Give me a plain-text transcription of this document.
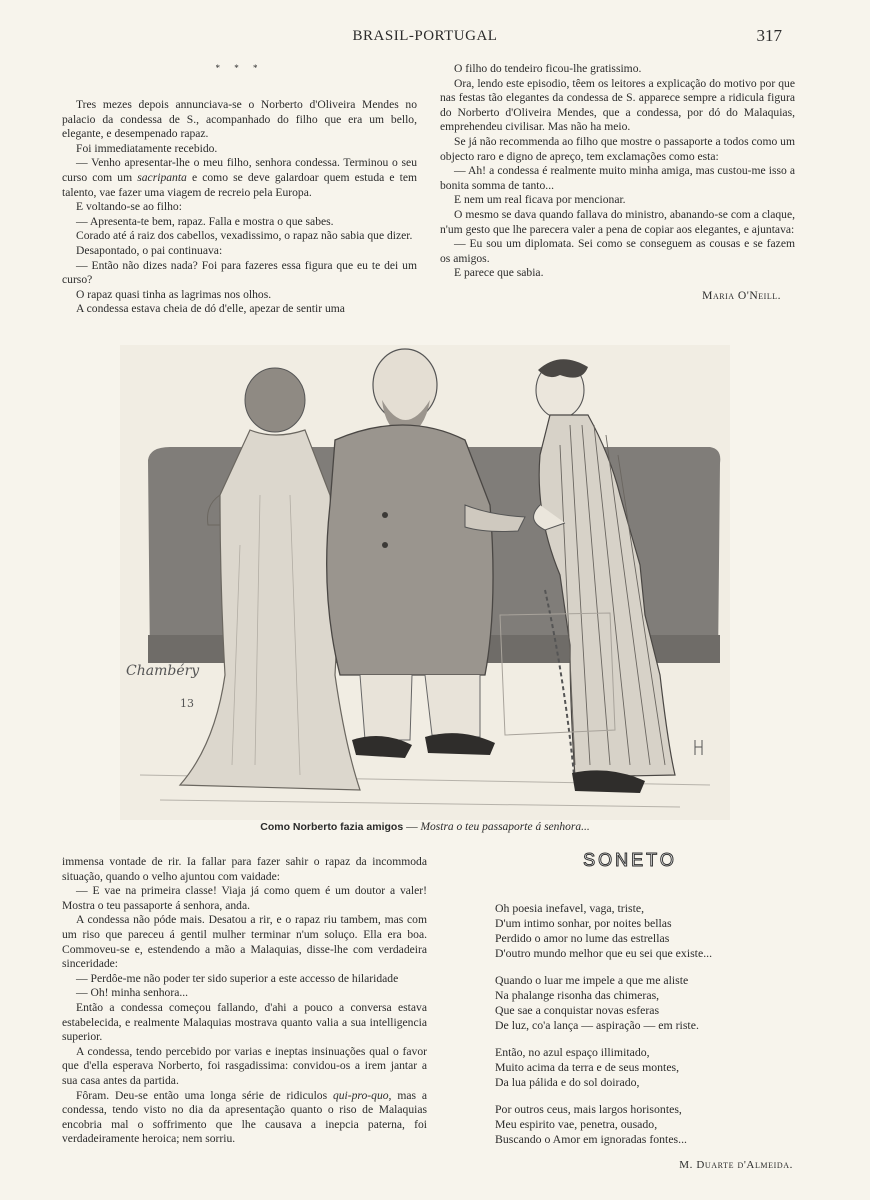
BRASIL-PORTUGAL	317
* * *

Tres mezes depois annunciava-se o Norberto d'Oliveira Mendes no palacio da condessa de S., acompanhado do filho que era um bello, elegante, e desempenado rapaz.

Foi immediatamente recebido.

— Venho apresentar-lhe o meu filho, senhora condessa. Terminou o seu curso com um sacripanta e como se deve galardoar quem estuda e tem talento, vae fazer uma viagem de recreio pela Europa.

E voltando-se ao filho:

— Apresenta-te bem, rapaz. Falla e mostra o que sabes.

Corado até á raiz dos cabellos, vexadissimo, o rapaz não sabia que dizer.

Desapontado, o pai continuava:

— Então não dizes nada? Foi para fazeres essa figura que eu te dei um curso?

O rapaz quasi tinha as lagrimas nos olhos.

A condessa estava cheia de dó d'elle, apezar de sentir uma

O filho do tendeiro ficou-lhe gratissimo.

Ora, lendo este episodio, têem os leitores a explicação do motivo por que nas festas tão elegantes da condessa de S. apparece sempre a ridicula figura do Norberto d'Oliveira Mendes, que a condessa, por dó do Malaquias, emprehendeu civilisar. Mas não ha meio.

Se já não recommenda ao filho que mostre o passaporte a todos como um objecto raro e digno de apreço, tem exclamações como esta:

— Ah! a condessa é realmente muito minha amiga, mas custou-me isso a bonita somma de tanto...

E nem um real ficava por mencionar.

O mesmo se dava quando fallava do ministro, abanando-se com a claque, n'um gesto que lhe parecera valer a pena de copiar aos elegantes, e ajuntava:

— Eu sou um diplomata. Sei como se conseguem as cousas e se fazem os amigos.

E parece que sabia.

Maria O'Neill.
Chambéry
13
Como Norberto fazia amigos — Mostra o teu passaporte á senhora...

immensa vontade de rir. Ia fallar para fazer sahir o rapaz da incommoda situação, quando o velho ajuntou com vaidade:

— E vae na primeira classe! Viaja já como quem é um doutor a valer! Mostra o teu passaporte á senhora, anda.

A condessa não póde mais. Desatou a rir, e o rapaz riu tambem, mas com um riso que pareceu á gentil mulher terminar n'um soluço. Ella era boa. Commoveu-se e, estendendo a mão a Malaquias, disse-lhe com verdadeira sinceridade:

— Perdôe-me não poder ter sido superior a este accesso de hilaridade

— Oh! minha senhora...

Então a condessa começou fallando, d'ahi a pouco a conversa estava estabelecida, e realmente Malaquias mostrava quanto valia a sua intelligencia superior.

A condessa, tendo percebido por varias e ineptas insinuações qual o favor que d'ella esperava Norberto, foi rasgadissima: convidou-os a irem jantar a sua casa antes da partida.

Fôram. Deu-se então uma longa série de ridiculos qui-pro-quo, mas a condessa, tendo visto no dia da apresentação quanto o riso de Malaquias encobria mal o soffrimento que lhe causava a inepcia paterna, foi verdadeiramente heroica; nem sorriu.

SONETO
Oh poesia inefavel, vaga, triste,
D'um intimo sonhar, por noites bellas
Perdido o amor no lume das estrellas
D'outro mundo melhor que eu sei que existe...
Quando o luar me impele a que me aliste
Na phalange risonha das chimeras,
Que sae a conquistar novas esferas
De luz, co'a lança — aspiração — em riste.
Então, no azul espaço illimitado,
Muito acima da terra e de seus montes,
Da lua pálida e do sol doirado,
Por outros ceus, mais largos horisontes,
Meu espirito vae, penetra, ousado,
Buscando o Amor em ignoradas fontes...
M. Duarte d'Almeida.
